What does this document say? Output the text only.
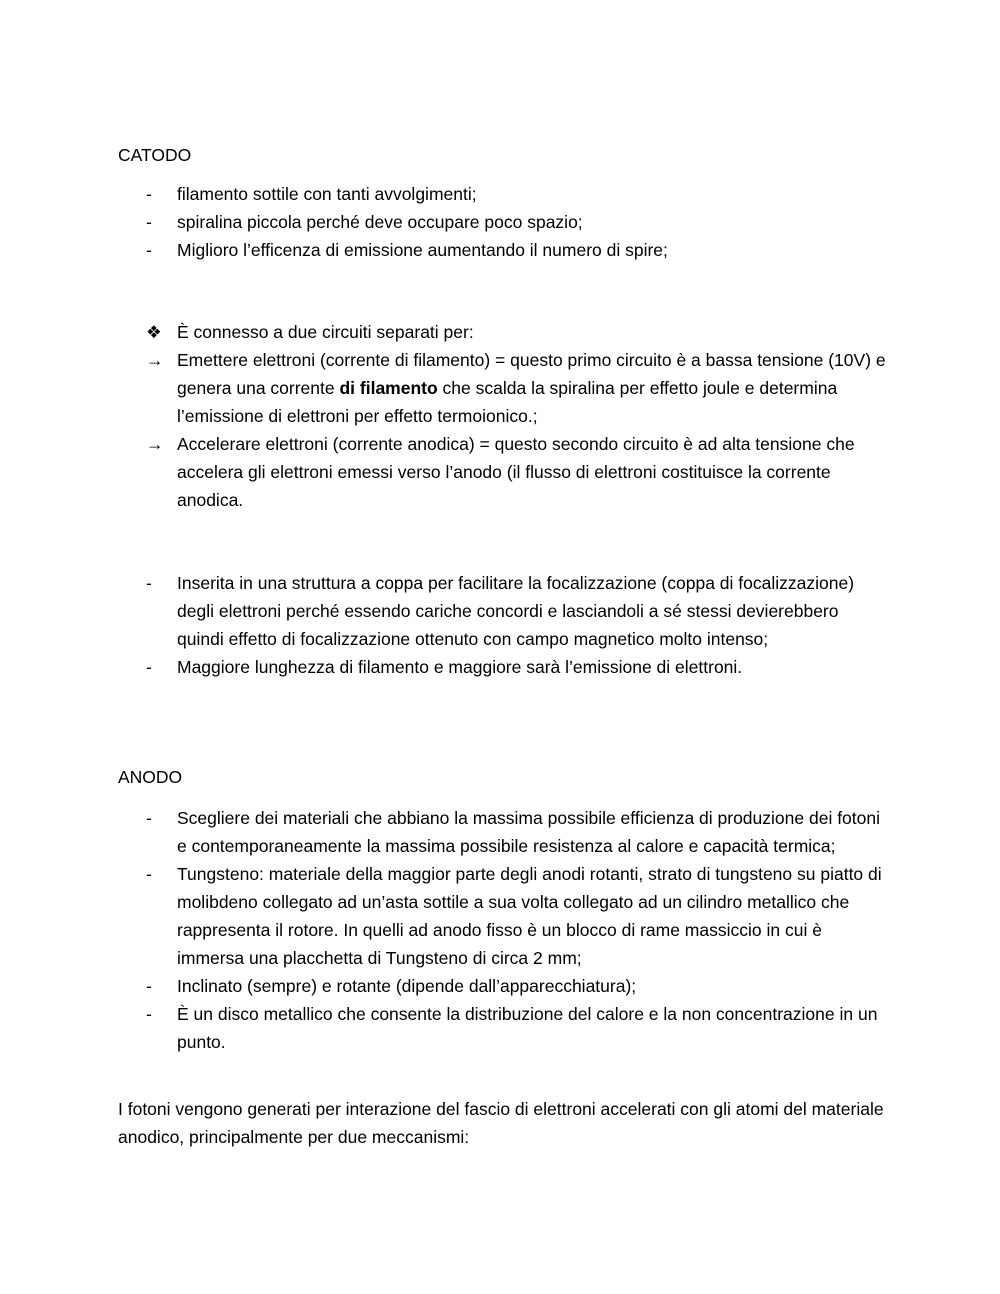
CATODO
-	filamento sottile con tanti avvolgimenti;
-	spiralina piccola perché deve occupare poco spazio;
-	Miglioro l’efficenza di emissione aumentando il numero di spire;
❖ È connesso a due circuiti separati per:
→ Emettere elettroni (corrente di filamento) = questo primo circuito è a bassa tensione (10V) e genera una corrente di filamento che scalda la spiralina per effetto joule e determina l’emissione di elettroni per effetto termoionico.;
→ Accelerare elettroni (corrente anodica) = questo secondo circuito è ad alta tensione che accelera gli elettroni emessi verso l’anodo (il flusso di elettroni costituisce la corrente anodica.
-	Inserita in una struttura a coppa per facilitare la focalizzazione (coppa di focalizzazione) degli elettroni perché essendo cariche concordi e lasciandoli a sé stessi devierebbero quindi effetto di focalizzazione ottenuto con campo magnetico molto intenso;
-	Maggiore lunghezza di filamento e maggiore sarà l’emissione di elettroni.
ANODO
-	Scegliere dei materiali che abbiano la massima possibile efficienza di produzione dei fotoni e contemporaneamente la massima possibile resistenza al calore e capacità termica;
-	Tungsteno: materiale della maggior parte degli anodi rotanti, strato di tungsteno su piatto di molibdeno collegato ad un’asta sottile a sua volta collegato ad un cilindro metallico che rappresenta il rotore. In quelli ad anodo fisso è un blocco di rame massiccio in cui è immersa una placchetta di Tungsteno di circa 2 mm;
-	Inclinato (sempre) e rotante (dipende dall’apparecchiatura);
-	È un disco metallico che consente la distribuzione del calore e la non concentrazione in un punto.

I fotoni vengono generati per interazione del fascio di elettroni accelerati con gli atomi del materiale anodico, principalmente per due meccanismi:
